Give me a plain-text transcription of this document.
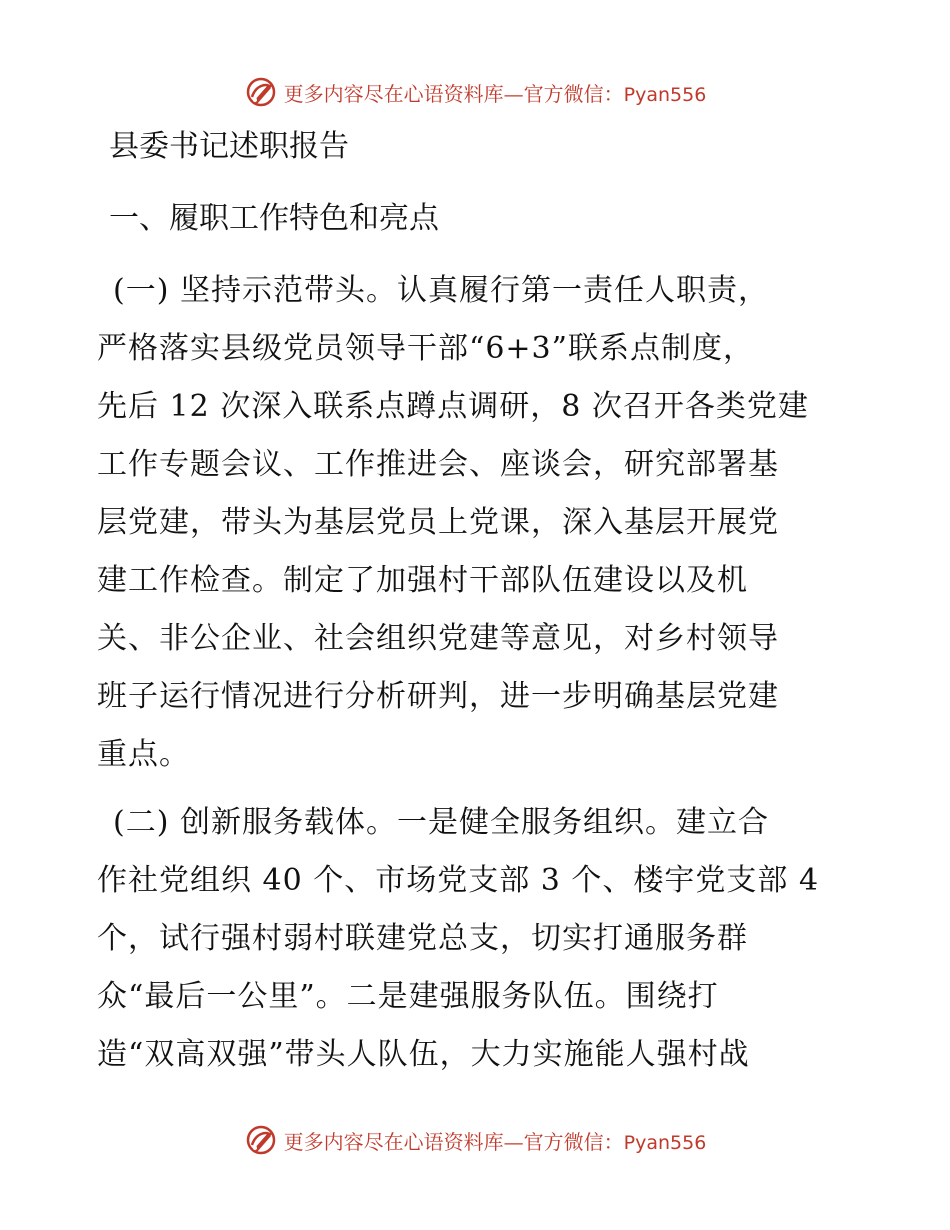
更多内容尽在心语资料库—官方微信：Pyan556
县委书记述职报告
一、履职工作特色和亮点
(一) 坚持示范带头。认真履行第一责任人职责，
严格落实县级党员领导干部“6+3”联系点制度，
先后 12 次深入联系点蹲点调研，8 次召开各类党建
工作专题会议、工作推进会、座谈会，研究部署基
层党建，带头为基层党员上党课，深入基层开展党
建工作检查。制定了加强村干部队伍建设以及机
关、非公企业、社会组织党建等意见，对乡村领导
班子运行情况进行分析研判，进一步明确基层党建
重点。
(二) 创新服务载体。一是健全服务组织。建立合
作社党组织 40 个、市场党支部 3 个、楼宇党支部 4
个，试行强村弱村联建党总支，切实打通服务群
众“最后一公里”。二是建强服务队伍。围绕打
造“双高双强”带头人队伍，大力实施能人强村战
更多内容尽在心语资料库—官方微信：Pyan556
